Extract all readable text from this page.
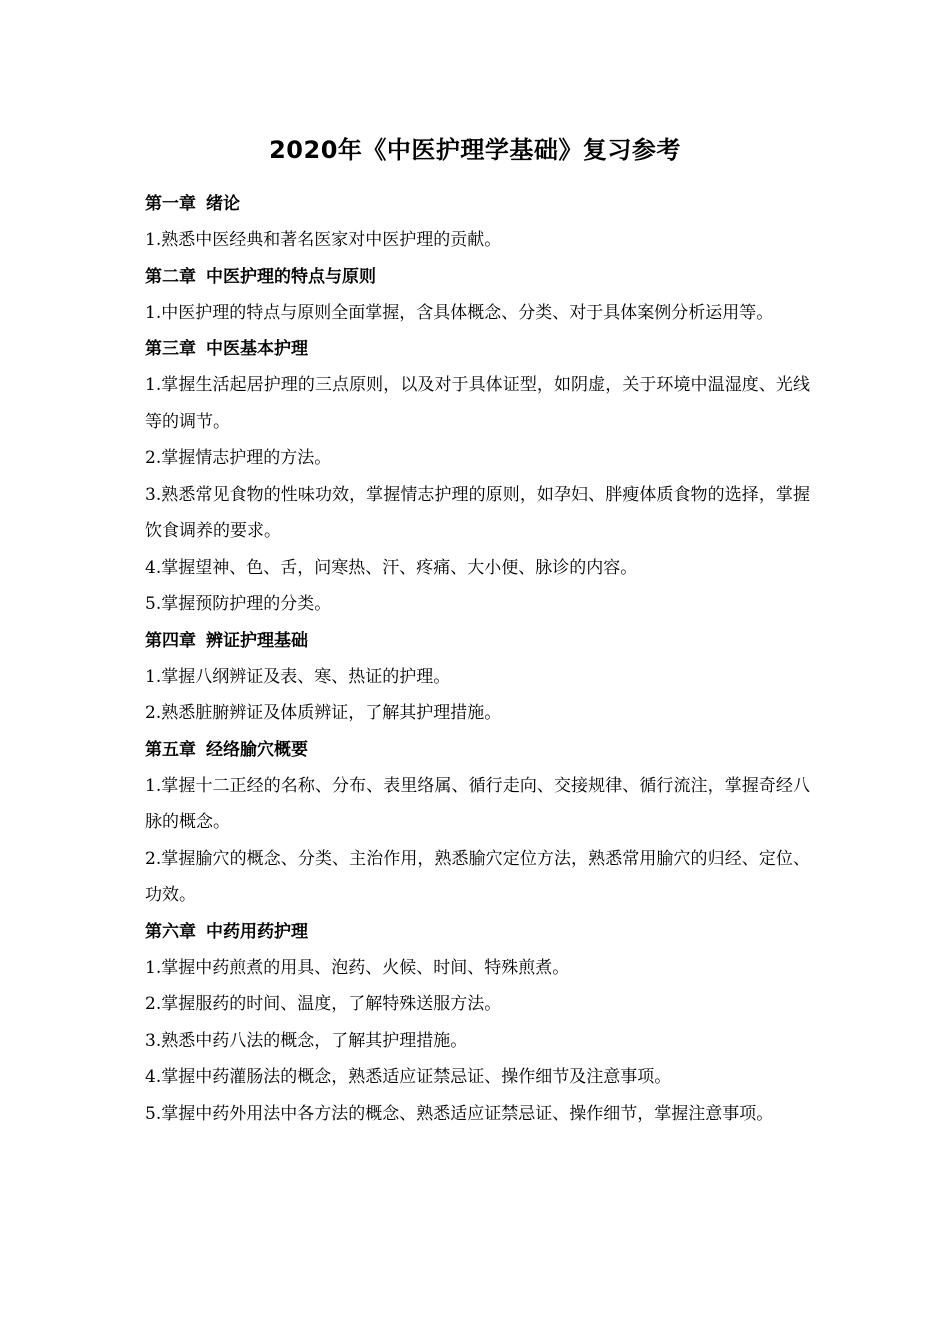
2020年《中医护理学基础》复习参考
第一章 绪论

1.熟悉中医经典和著名医家对中医护理的贡献。

第二章 中医护理的特点与原则

1.中医护理的特点与原则全面掌握，含具体概念、分类、对于具体案例分析运用等。

第三章 中医基本护理

1.掌握生活起居护理的三点原则，以及对于具体证型，如阴虚，关于环境中温湿度、光线等的调节。

2.掌握情志护理的方法。

3.熟悉常见食物的性味功效，掌握情志护理的原则，如孕妇、胖瘦体质食物的选择，掌握饮食调养的要求。

4.掌握望神、色、舌，问寒热、汗、疼痛、大小便、脉诊的内容。

5.掌握预防护理的分类。

第四章 辨证护理基础

1.掌握八纲辨证及表、寒、热证的护理。

2.熟悉脏腑辨证及体质辨证，了解其护理措施。

第五章 经络腧穴概要

1.掌握十二正经的名称、分布、表里络属、循行走向、交接规律、循行流注，掌握奇经八脉的概念。

2.掌握腧穴的概念、分类、主治作用，熟悉腧穴定位方法，熟悉常用腧穴的归经、定位、功效。

第六章 中药用药护理

1.掌握中药煎煮的用具、泡药、火候、时间、特殊煎煮。

2.掌握服药的时间、温度，了解特殊送服方法。

3.熟悉中药八法的概念，了解其护理措施。

4.掌握中药灌肠法的概念，熟悉适应证禁忌证、操作细节及注意事项。

5.掌握中药外用法中各方法的概念、熟悉适应证禁忌证、操作细节，掌握注意事项。
